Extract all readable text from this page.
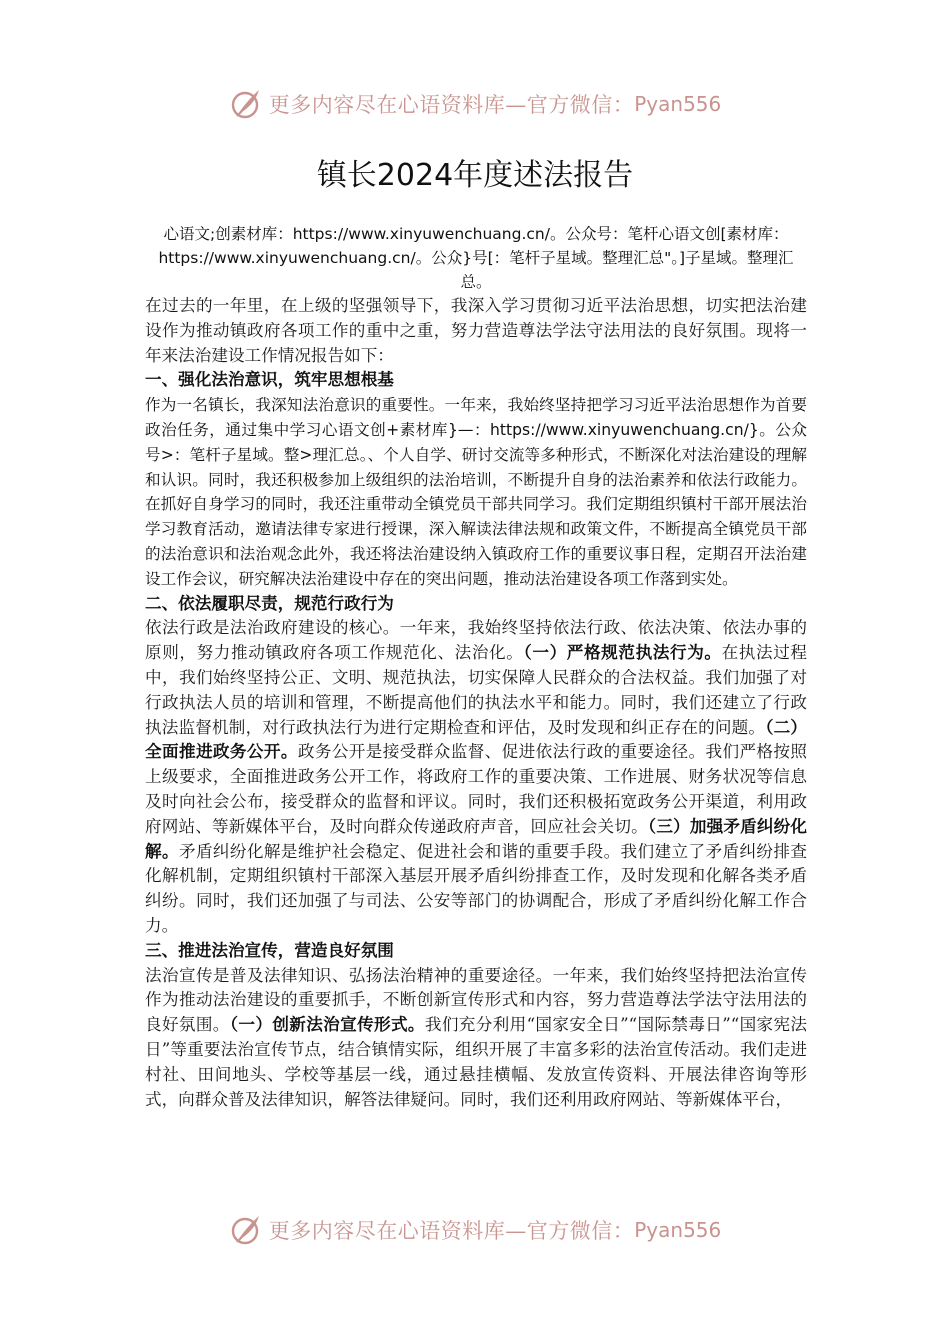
更多内容尽在心语资料库—官方微信： Pyan556
镇长2024年度述法报告
心语文;创素材库：https://www.xinyuwenchuang.cn/。公众号：笔杆心语文创[素材库：https://www.xinyuwenchuang.cn/。公众}号[：笔杆子星域。整理汇总"。]子星域。整理汇总。
在过去的一年里，在上级的坚强领导下，我深入学习贯彻习近平法治思想，切实把法治建设作为推动镇政府各项工作的重中之重，努力营造尊法学法守法用法的良好氛围。现将一年来法治建设工作情况报告如下：
一、强化法治意识，筑牢思想根基
作为一名镇长，我深知法治意识的重要性。一年来，我始终坚持把学习习近平法治思想作为首要政治任务，通过集中学习心语文创+素材库}—：https://www.xinyuwenchuang.cn/}。公众号>：笔杆子星域。整>理汇总。、个人自学、研讨交流等多种形式，不断深化对法治建设的理解和认识。同时，我还积极参加上级组织的法治培训，不断提升自身的法治素养和依法行政能力。在抓好自身学习的同时，我还注重带动全镇党员干部共同学习。我们定期组织镇村干部开展法治学习教育活动，邀请法律专家进行授课，深入解读法律法规和政策文件，不断提高全镇党员干部的法治意识和法治观念此外，我还将法治建设纳入镇政府工作的重要议事日程，定期召开法治建设工作会议，研究解决法治建设中存在的突出问题，推动法治建设各项工作落到实处。
二、依法履职尽责，规范行政行为
依法行政是法治政府建设的核心。一年来，我始终坚持依法行政、依法决策、依法办事的原则，努力推动镇政府各项工作规范化、法治化。（一）严格规范执法行为。在执法过程中，我们始终坚持公正、文明、规范执法，切实保障人民群众的合法权益。我们加强了对行政执法人员的培训和管理，不断提高他们的执法水平和能力。同时，我们还建立了行政执法监督机制，对行政执法行为进行定期检查和评估，及时发现和纠正存在的问题。（二）全面推进政务公开。政务公开是接受群众监督、促进依法行政的重要途径。我们严格按照上级要求，全面推进政务公开工作，将政府工作的重要决策、工作进展、财务状况等信息及时向社会公布，接受群众的监督和评议。同时，我们还积极拓宽政务公开渠道，利用政府网站、等新媒体平台，及时向群众传递政府声音，回应社会关切。（三）加强矛盾纠纷化解。矛盾纠纷化解是维护社会稳定、促进社会和谐的重要手段。我们建立了矛盾纠纷排查化解机制，定期组织镇村干部深入基层开展矛盾纠纷排查工作，及时发现和化解各类矛盾纠纷。同时，我们还加强了与司法、公安等部门的协调配合，形成了矛盾纠纷化解工作合力。
三、推进法治宣传，营造良好氛围
法治宣传是普及法律知识、弘扬法治精神的重要途径。一年来，我们始终坚持把法治宣传作为推动法治建设的重要抓手，不断创新宣传形式和内容，努力营造尊法学法守法用法的良好氛围。（一）创新法治宣传形式。我们充分利用“国家安全日”“国际禁毒日”“国家宪法日”等重要法治宣传节点，结合镇情实际，组织开展了丰富多彩的法治宣传活动。我们走进村社、田间地头、学校等基层一线，通过悬挂横幅、发放宣传资料、开展法律咨询等形式，向群众普及法律知识，解答法律疑问。同时，我们还利用政府网站、等新媒体平台，
更多内容尽在心语资料库—官方微信： Pyan556
